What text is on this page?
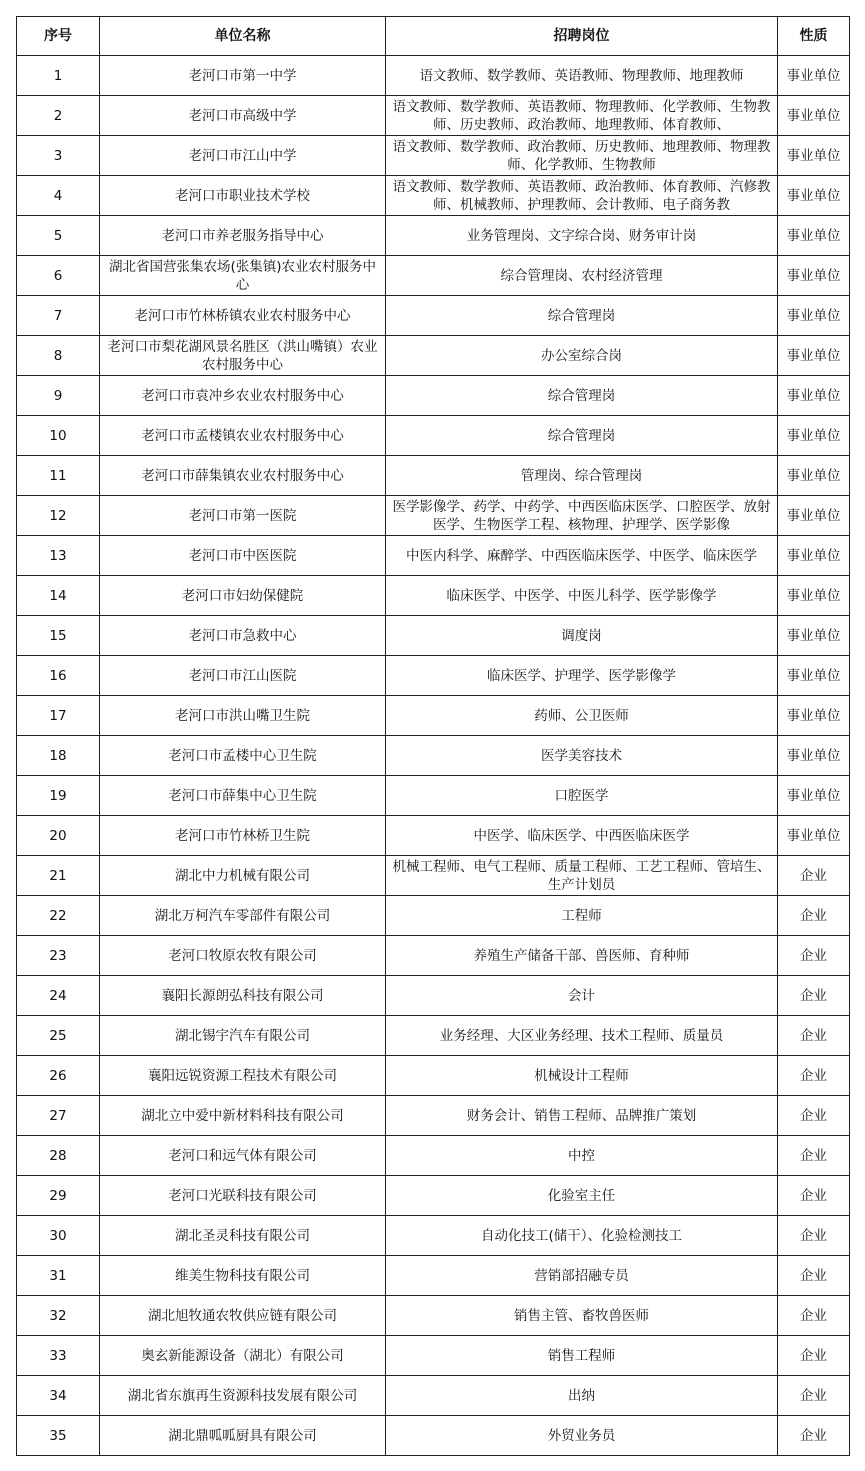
序号	单位名称	招聘岗位	性质

1	老河口市第一中学	语文教师、数学教师、英语教师、物理教师、地理教师	事业单位

2	老河口市高级中学	语文教师、数学教师、英语教师、物理教师、化学教师、生物教师、历史教师、政治教师、地理教师、体育教师、	事业单位

3	老河口市江山中学	语文教师、数学教师、政治教师、历史教师、地理教师、物理教师、化学教师、生物教师	事业单位

4	老河口市职业技术学校	语文教师、数学教师、英语教师、政治教师、体育教师、汽修教师、机械教师、护理教师、会计教师、电子商务教	事业单位

5	老河口市养老服务指导中心	业务管理岗、文字综合岗、财务审计岗	事业单位

6	湖北省国营张集农场(张集镇)农业农村服务中心	综合管理岗、农村经济管理	事业单位

7	老河口市竹林桥镇农业农村服务中心	综合管理岗	事业单位

8	老河口市梨花湖风景名胜区（洪山嘴镇）农业农村服务中心	办公室综合岗	事业单位

9	老河口市袁冲乡农业农村服务中心	综合管理岗	事业单位

10	老河口市孟楼镇农业农村服务中心	综合管理岗	事业单位

11	老河口市薛集镇农业农村服务中心	管理岗、综合管理岗	事业单位

12	老河口市第一医院	医学影像学、药学、中药学、中西医临床医学、口腔医学、放射医学、生物医学工程、核物理、护理学、医学影像	事业单位

13	老河口市中医医院	中医内科学、麻醉学、中西医临床医学、中医学、临床医学	事业单位

14	老河口市妇幼保健院	临床医学、中医学、中医儿科学、医学影像学	事业单位

15	老河口市急救中心	调度岗	事业单位

16	老河口市江山医院	临床医学、护理学、医学影像学	事业单位

17	老河口市洪山嘴卫生院	药师、公卫医师	事业单位

18	老河口市孟楼中心卫生院	医学美容技术	事业单位

19	老河口市薛集中心卫生院	口腔医学	事业单位

20	老河口市竹林桥卫生院	中医学、临床医学、中西医临床医学	事业单位

21	湖北中力机械有限公司	机械工程师、电气工程师、质量工程师、工艺工程师、管培生、生产计划员	企业

22	湖北万柯汽车零部件有限公司	工程师	企业

23	老河口牧原农牧有限公司	养殖生产储备干部、兽医师、育种师	企业

24	襄阳长源朗弘科技有限公司	会计	企业

25	湖北锡宇汽车有限公司	业务经理、大区业务经理、技术工程师、质量员	企业

26	襄阳远锐资源工程技术有限公司	机械设计工程师	企业

27	湖北立中爱中新材料科技有限公司	财务会计、销售工程师、品牌推广策划	企业

28	老河口和远气体有限公司	中控	企业

29	老河口光联科技有限公司	化验室主任	企业

30	湖北圣灵科技有限公司	自动化技工(储干）、化验检测技工	企业

31	维美生物科技有限公司	营销部招融专员	企业

32	湖北旭牧通农牧供应链有限公司	销售主管、畜牧兽医师	企业

33	奥玄新能源设备（湖北）有限公司	销售工程师	企业

34	湖北省东旗再生资源科技发展有限公司	出纳	企业

35	湖北鼎呱呱厨具有限公司	外贸业务员	企业
